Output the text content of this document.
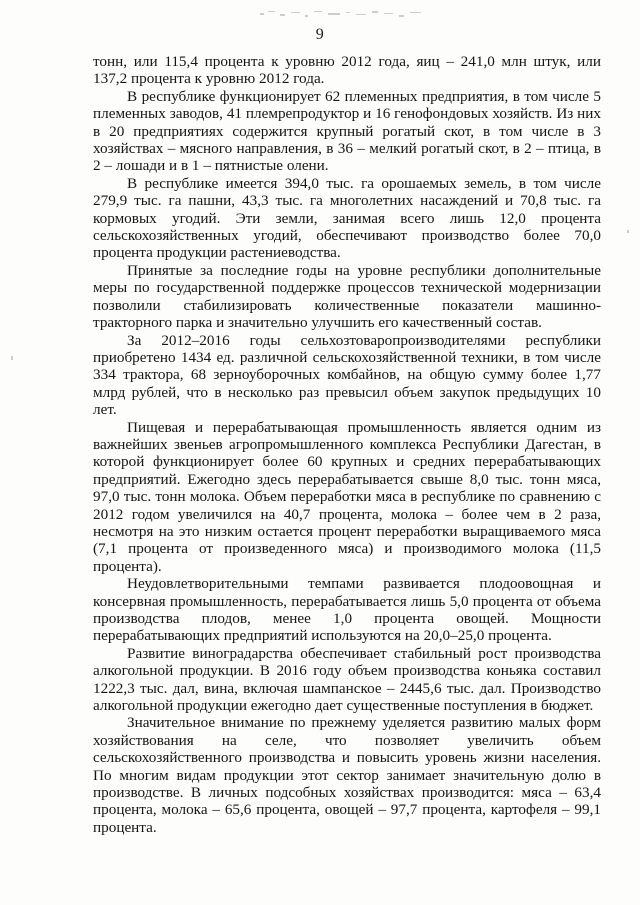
9

тонн, или 115,4 процента к уровню 2012 года, яиц – 241,0 млн штук, или 137,2 процента к уровню 2012 года.

В республике функционирует 62 племенных предприятия, в том числе 5 племенных заводов, 41 племрепродуктор и 16 генофондовых хозяйств. Из них в 20 предприятиях содержится крупный рогатый скот, в том числе в 3 хозяйствах – мясного направления, в 36 – мелкий рогатый скот, в 2 – птица, в 2 – лошади и в 1 – пятнистые олени.

В республике имеется 394,0 тыс. га орошаемых земель, в том числе 279,9 тыс. га пашни, 43,3 тыс. га многолетних насаждений и 70,8 тыс. га кормовых угодий. Эти земли, занимая всего лишь 12,0 процента сельскохозяйственных угодий, обеспечивают производство более 70,0 процента продукции растениеводства.

Принятые за последние годы на уровне республики дополнительные меры по государственной поддержке процессов технической модернизации позволили стабилизировать количественные показатели машинно-тракторного парка и значительно улучшить его качественный состав.

За 2012–2016 годы сельхозтоваропроизводителями республики приобретено 1434 ед. различной сельскохозяйственной техники, в том числе 334 трактора, 68 зерноуборочных комбайнов, на общую сумму более 1,77 млрд рублей, что в несколько раз превысил объем закупок предыдущих 10 лет.

Пищевая и перерабатывающая промышленность является одним из важнейших звеньев агропромышленного комплекса Республики Дагестан, в которой функционирует более 60 крупных и средних перерабатывающих предприятий. Ежегодно здесь перерабатывается свыше 8,0 тыс. тонн мяса, 97,0 тыс. тонн молока. Объем переработки мяса в республике по сравнению с 2012 годом увеличился на 40,7 процента, молока – более чем в 2 раза, несмотря на это низким остается процент переработки выращиваемого мяса (7,1 процента от произведенного мяса) и производимого молока (11,5 процента).

Неудовлетворительными темпами развивается плодоовощная и консервная промышленность, перерабатывается лишь 5,0 процента от объема производства плодов, менее 1,0 процента овощей. Мощности перерабатывающих предприятий используются на 20,0–25,0 процента.

Развитие виноградарства обеспечивает стабильный рост производства алкогольной продукции. В 2016 году объем производства коньяка составил 1222,3 тыс. дал, вина, включая шампанское – 2445,6 тыс. дал. Производство алкогольной продукции ежегодно дает существенные поступления в бюджет.

Значительное внимание по прежнему уделяется развитию малых форм хозяйствования на селе, что позволяет увеличить объем сельскохозяйственного производства и повысить уровень жизни населения. По многим видам продукции этот сектор занимает значительную долю в производстве. В личных подсобных хозяйствах производится: мяса – 63,4 процента, молока – 65,6 процента, овощей – 97,7 процента, картофеля – 99,1 процента.
